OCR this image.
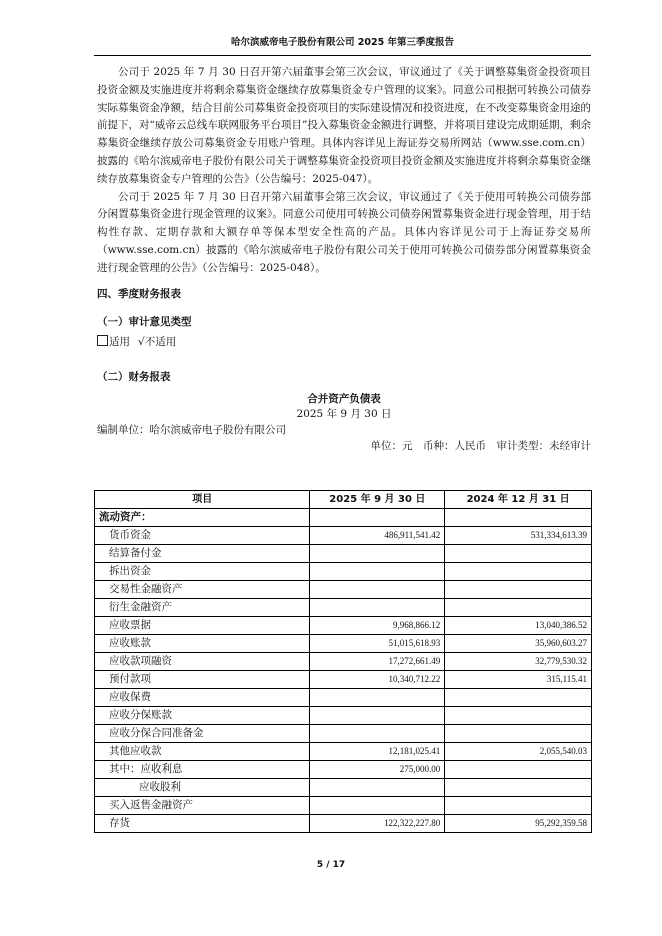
哈尔滨威帝电子股份有限公司 2025 年第三季度报告

公司于 2025 年 7 月 30 日召开第六届董事会第三次会议，审议通过了《关于调整募集资金投资项目投资金额及实施进度并将剩余募集资金继续存放募集资金专户管理的议案》。同意公司根据可转换公司债券实际募集资金净额，结合目前公司募集资金投资项目的实际建设情况和投资进度，在不改变募集资金用途的前提下，对“威帝云总线车联网服务平台项目”投入募集资金金额进行调整，并将项目建设完成期延期，剩余募集资金继续存放公司募集资金专用账户管理。具体内容详见上海证券交易所网站（www.sse.com.cn）披露的《哈尔滨威帝电子股份有限公司关于调整募集资金投资项目投资金额及实施进度并将剩余募集资金继续存放募集资金专户管理的公告》（公告编号：2025-047）。

公司于 2025 年 7 月 30 日召开第六届董事会第三次会议，审议通过了《关于使用可转换公司债券部分闲置募集资金进行现金管理的议案》。同意公司使用可转换公司债券闲置募集资金进行现金管理，用于结构性存款、定期存款和大额存单等保本型安全性高的产品。具体内容详见公司于上海证券交易所（www.sse.com.cn）披露的《哈尔滨威帝电子股份有限公司关于使用可转换公司债券部分闲置募集资金进行现金管理的公告》（公告编号：2025-048）。

四、季度财务报表
（一）审计意见类型
适用 √不适用
（二）财务报表
合并资产负债表
2025 年 9 月 30 日
编制单位：哈尔滨威帝电子股份有限公司
单位：元　币种：人民币　审计类型：未经审计
项目	2025 年 9 月 30 日	2024 年 12 月 31 日
流动资产：		
货币资金	486,911,541.42	531,334,613.39
结算备付金		
拆出资金		
交易性金融资产		
衍生金融资产		
应收票据	9,968,866.12	13,040,386.52
应收账款	51,015,618.93	35,960,603.27
应收款项融资	17,272,661.49	32,779,530.32
预付款项	10,340,712.22	315,115.41
应收保费		
应收分保账款		
应收分保合同准备金		
其他应收款	12,181,025.41	2,055,540.03
其中：应收利息	275,000.00	
应收股利		
买入返售金融资产		
存货	122,322,227.80	95,292,359.58
5 / 17
